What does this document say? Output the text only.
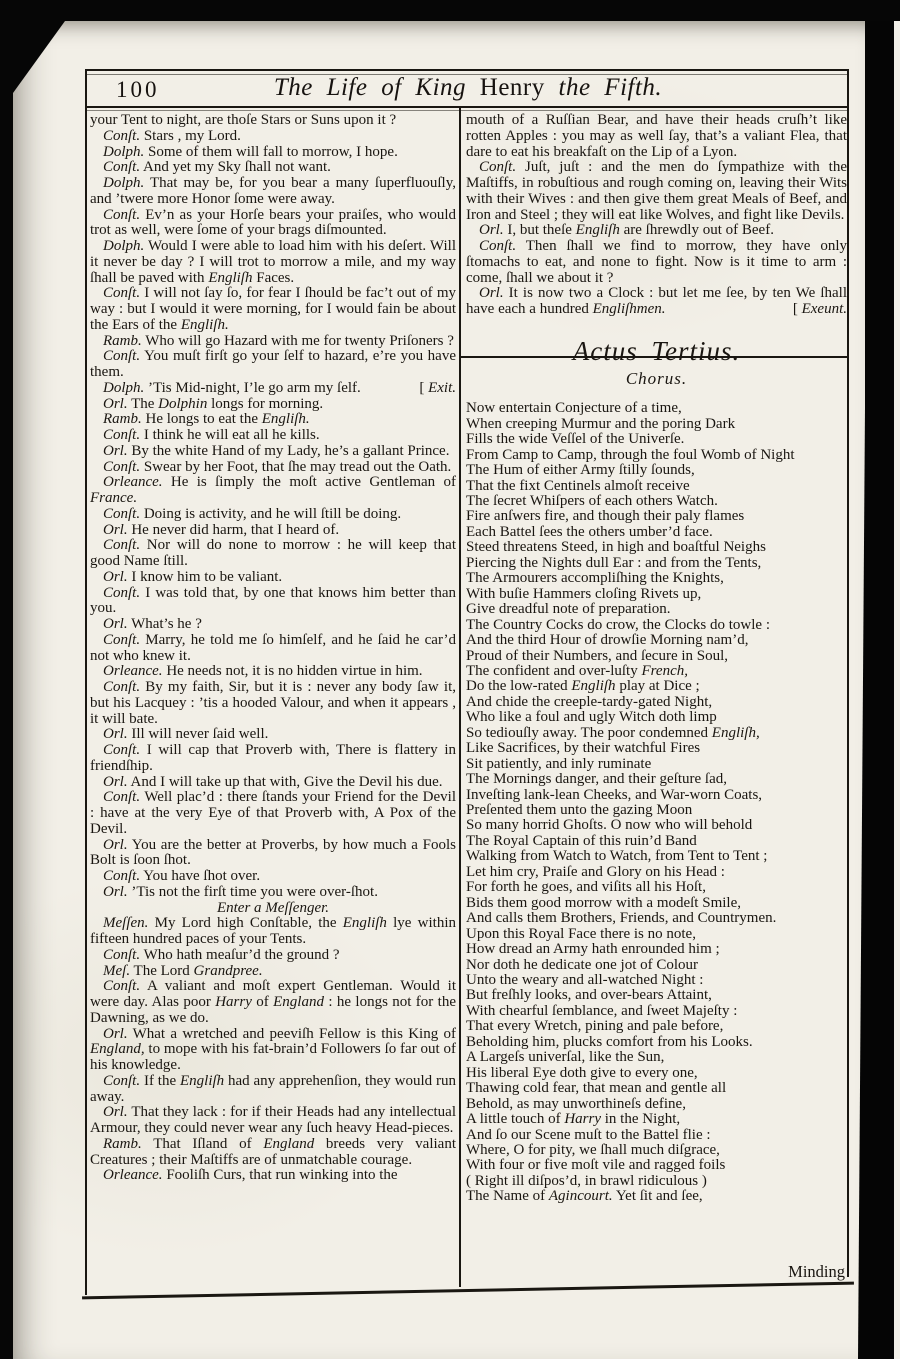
100	The Life of King Henry the Fifth.

your Tent to night, are thoſe Stars or Suns upon it ?

Conſt. Stars , my Lord.

Dolph. Some of them will fall to morrow, I hope.

Conſt. And yet my Sky ſhall not want.

Dolph. That may be, for you bear a many ſuperfluouſly, and ’twere more Honor ſome were away.

Conſt. Ev’n as your Horſe bears your praiſes, who would trot as well, were ſome of your brags diſmounted.

Dolph. Would I were able to load him with his deſert. Will it never be day ? I will trot to morrow a mile, and my way ſhall be paved with Engliſh Faces.

Conſt. I will not ſay ſo, for fear I ſhould be fac’t out of my way : but I would it were morning, for I would fain be about the Ears of the Engliſh.

Ramb. Who will go Hazard with me for twenty Priſoners ?

Conſt. You muſt firſt go your ſelf to hazard, e’re you have them.

Dolph. ’Tis Mid-night, I’le go arm my ſelf.	[ Exit.

Orl. The Dolphin longs for morning.

Ramb. He longs to eat the Engliſh.

Conſt. I think he will eat all he kills.

Orl. By the white Hand of my Lady, he’s a gallant Prince.

Conſt. Swear by her Foot, that ſhe may tread out the Oath.

Orleance. He is ſimply the moſt active Gentleman of France.

Conſt. Doing is activity, and he will ſtill be doing.

Orl. He never did harm, that I heard of.

Conſt. Nor will do none to morrow : he will keep that good Name ſtill.

Orl. I know him to be valiant.

Conſt. I was told that, by one that knows him better than you.

Orl. What’s he ?

Conſt. Marry, he told me ſo himſelf, and he ſaid he car’d not who knew it.

Orleance. He needs not, it is no hidden virtue in him.

Conſt. By my faith, Sir, but it is : never any body ſaw it, but his Lacquey : ’tis a hooded Valour, and when it appears , it will bate.

Orl. Ill will never ſaid well.

Conſt. I will cap that Proverb with, There is flattery in friendſhip.

Orl. And I will take up that with, Give the Devil his due.

Conſt. Well plac’d : there ſtands your Friend for the Devil : have at the very Eye of that Proverb with, A Pox of the Devil.

Orl. You are the better at Proverbs, by how much a Fools Bolt is ſoon ſhot.

Conſt. You have ſhot over.

Orl. ’Tis not the firſt time you were over-ſhot.

Enter a Meſſenger.

Meſſen. My Lord high Conſtable, the Engliſh lye within fifteen hundred paces of your Tents.

Conſt. Who hath meaſur’d the ground ?

Meſ. The Lord Grandpree.

Conſt. A valiant and moſt expert Gentleman. Would it were day. Alas poor Harry of England : he longs not for the Dawning, as we do.

Orl. What a wretched and peeviſh Fellow is this King of England, to mope with his fat-brain’d Followers ſo far out of his knowledge.

Conſt. If the Engliſh had any apprehenſion, they would run away.

Orl. That they lack : for if their Heads had any intellectual Armour, they could never wear any ſuch heavy Head-pieces.

Ramb. That Iſland of England breeds very valiant Creatures ; their Maſtiffs are of unmatchable courage.

Orleance. Fooliſh Curs, that run winking into the

mouth of a Ruſſian Bear, and have their heads cruſh’t like rotten Apples : you may as well ſay, that’s a valiant Flea, that dare to eat his breakfaſt on the Lip of a Lyon.

Conſt. Juſt, juſt : and the men do ſympathize with the Maſtiffs, in robuſtious and rough coming on, leaving their Wits with their Wives : and then give them great Meals of Beef, and Iron and Steel ; they will eat like Wolves, and fight like Devils.

Orl. I, but theſe Engliſh are ſhrewdly out of Beef.

Conſt. Then ſhall we find to morrow, they have only ſtomachs to eat, and none to fight. Now is it time to arm : come, ſhall we about it ?

Orl. It is now two a Clock : but let me ſee, by ten We ſhall have each a hundred Engliſhmen.	[ Exeunt.

Actus Tertius.
Chorus.
Now entertain Conjecture of a time,
When creeping Murmur and the poring Dark
Fills the wide Veſſel of the Univerſe.
From Camp to Camp, through the foul Womb of Night
The Hum of either Army ſtilly ſounds,
That the fixt Centinels almoſt receive
The ſecret Whiſpers of each others Watch.
Fire anſwers fire, and though their paly flames
Each Battel ſees the others umber’d face.
Steed threatens Steed, in high and boaſtful Neighs
Piercing the Nights dull Ear : and from the Tents,
The Armourers accompliſhing the Knights,
With buſie Hammers cloſing Rivets up,
Give dreadful note of preparation.
The Country Cocks do crow, the Clocks do towle :
And the third Hour of drowſie Morning nam’d,
Proud of their Numbers, and ſecure in Soul,
The confident and over-luſty French,
Do the low-rated Engliſh play at Dice ;
And chide the creeple-tardy-gated Night,
Who like a foul and ugly Witch doth limp
So tediouſly away. The poor condemned Engliſh,
Like Sacrifices, by their watchful Fires
Sit patiently, and inly ruminate
The Mornings danger, and their geſture ſad,
Inveſting lank-lean Cheeks, and War-worn Coats,
Preſented them unto the gazing Moon
So many horrid Ghoſts. O now who will behold
The Royal Captain of this ruin’d Band
Walking from Watch to Watch, from Tent to Tent ;
Let him cry, Praiſe and Glory on his Head :
For forth he goes, and viſits all his Hoſt,
Bids them good morrow with a modeſt Smile,
And calls them Brothers, Friends, and Countrymen.
Upon this Royal Face there is no note,
How dread an Army hath enrounded him ;
Nor doth he dedicate one jot of Colour
Unto the weary and all-watched Night :
But freſhly looks, and over-bears Attaint,
With chearful ſemblance, and ſweet Majeſty :
That every Wretch, pining and pale before,
Beholding him, plucks comfort from his Looks.
A Largeſs univerſal, like the Sun,
His liberal Eye doth give to every one,
Thawing cold fear, that mean and gentle all
Behold, as may unworthineſs define,
A little touch of Harry in the Night,
And ſo our Scene muſt to the Battel flie :
Where, O for pity, we ſhall much diſgrace,
With four or five moſt vile and ragged foils
( Right ill diſpos’d, in brawl ridiculous )
The Name of Agincourt. Yet ſit and ſee,
Minding
